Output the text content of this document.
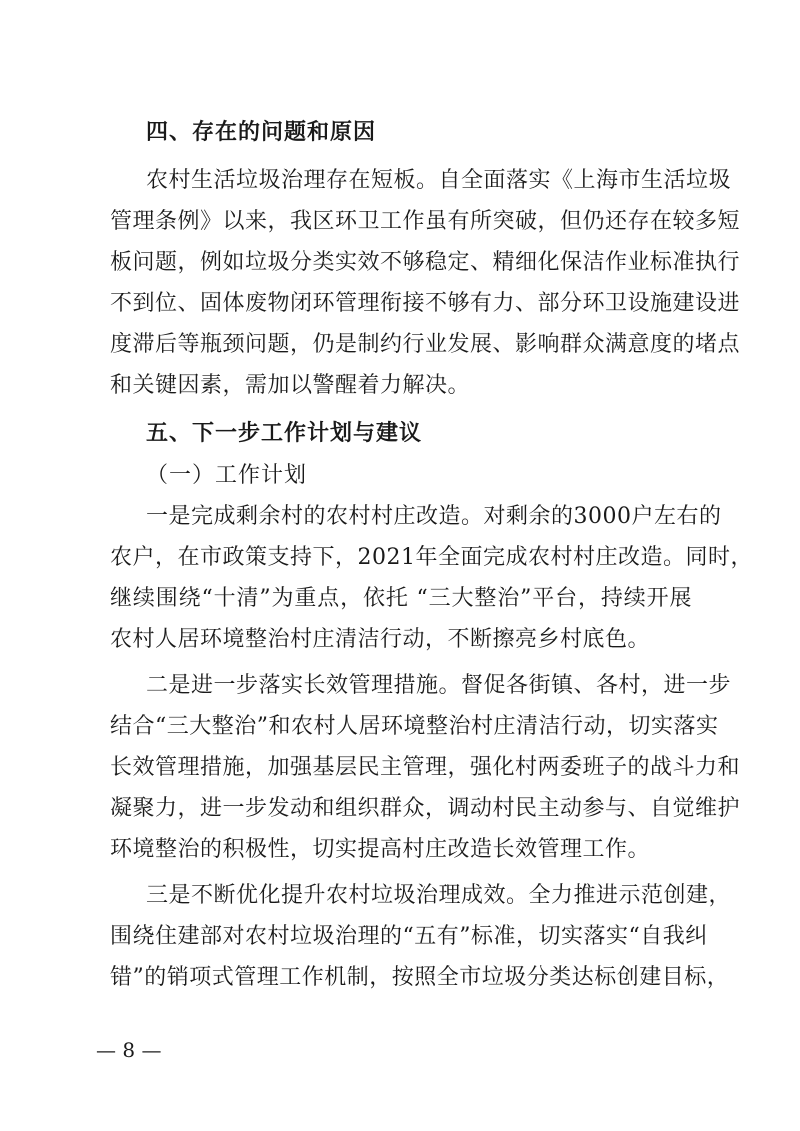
四、存在的问题和原因
农村生活垃圾治理存在短板。自全面落实《上海市生活垃圾
管理条例》以来，我区环卫工作虽有所突破，但仍还存在较多短
板问题，例如垃圾分类实效不够稳定、精细化保洁作业标准执行
不到位、固体废物闭环管理衔接不够有力、部分环卫设施建设进
度滞后等瓶颈问题，仍是制约行业发展、影响群众满意度的堵点
和关键因素，需加以警醒着力解决。
五、下一步工作计划与建议
（一）工作计划
一是完成剩余村的农村村庄改造。对剩余的3000户左右的
农户，在市政策支持下，2021年全面完成农村村庄改造。同时，
继续围绕“十清”为重点，依托 “三大整治”平台，持续开展
农村人居环境整治村庄清洁行动，不断擦亮乡村底色。
二是进一步落实长效管理措施。督促各街镇、各村，进一步
结合“三大整治”和农村人居环境整治村庄清洁行动，切实落实
长效管理措施，加强基层民主管理，强化村两委班子的战斗力和
凝聚力，进一步发动和组织群众，调动村民主动参与、自觉维护
环境整治的积极性，切实提高村庄改造长效管理工作。
三是不断优化提升农村垃圾治理成效。全力推进示范创建，
围绕住建部对农村垃圾治理的“五有”标准，切实落实“自我纠
错”的销项式管理工作机制，按照全市垃圾分类达标创建目标，
— 8 —
